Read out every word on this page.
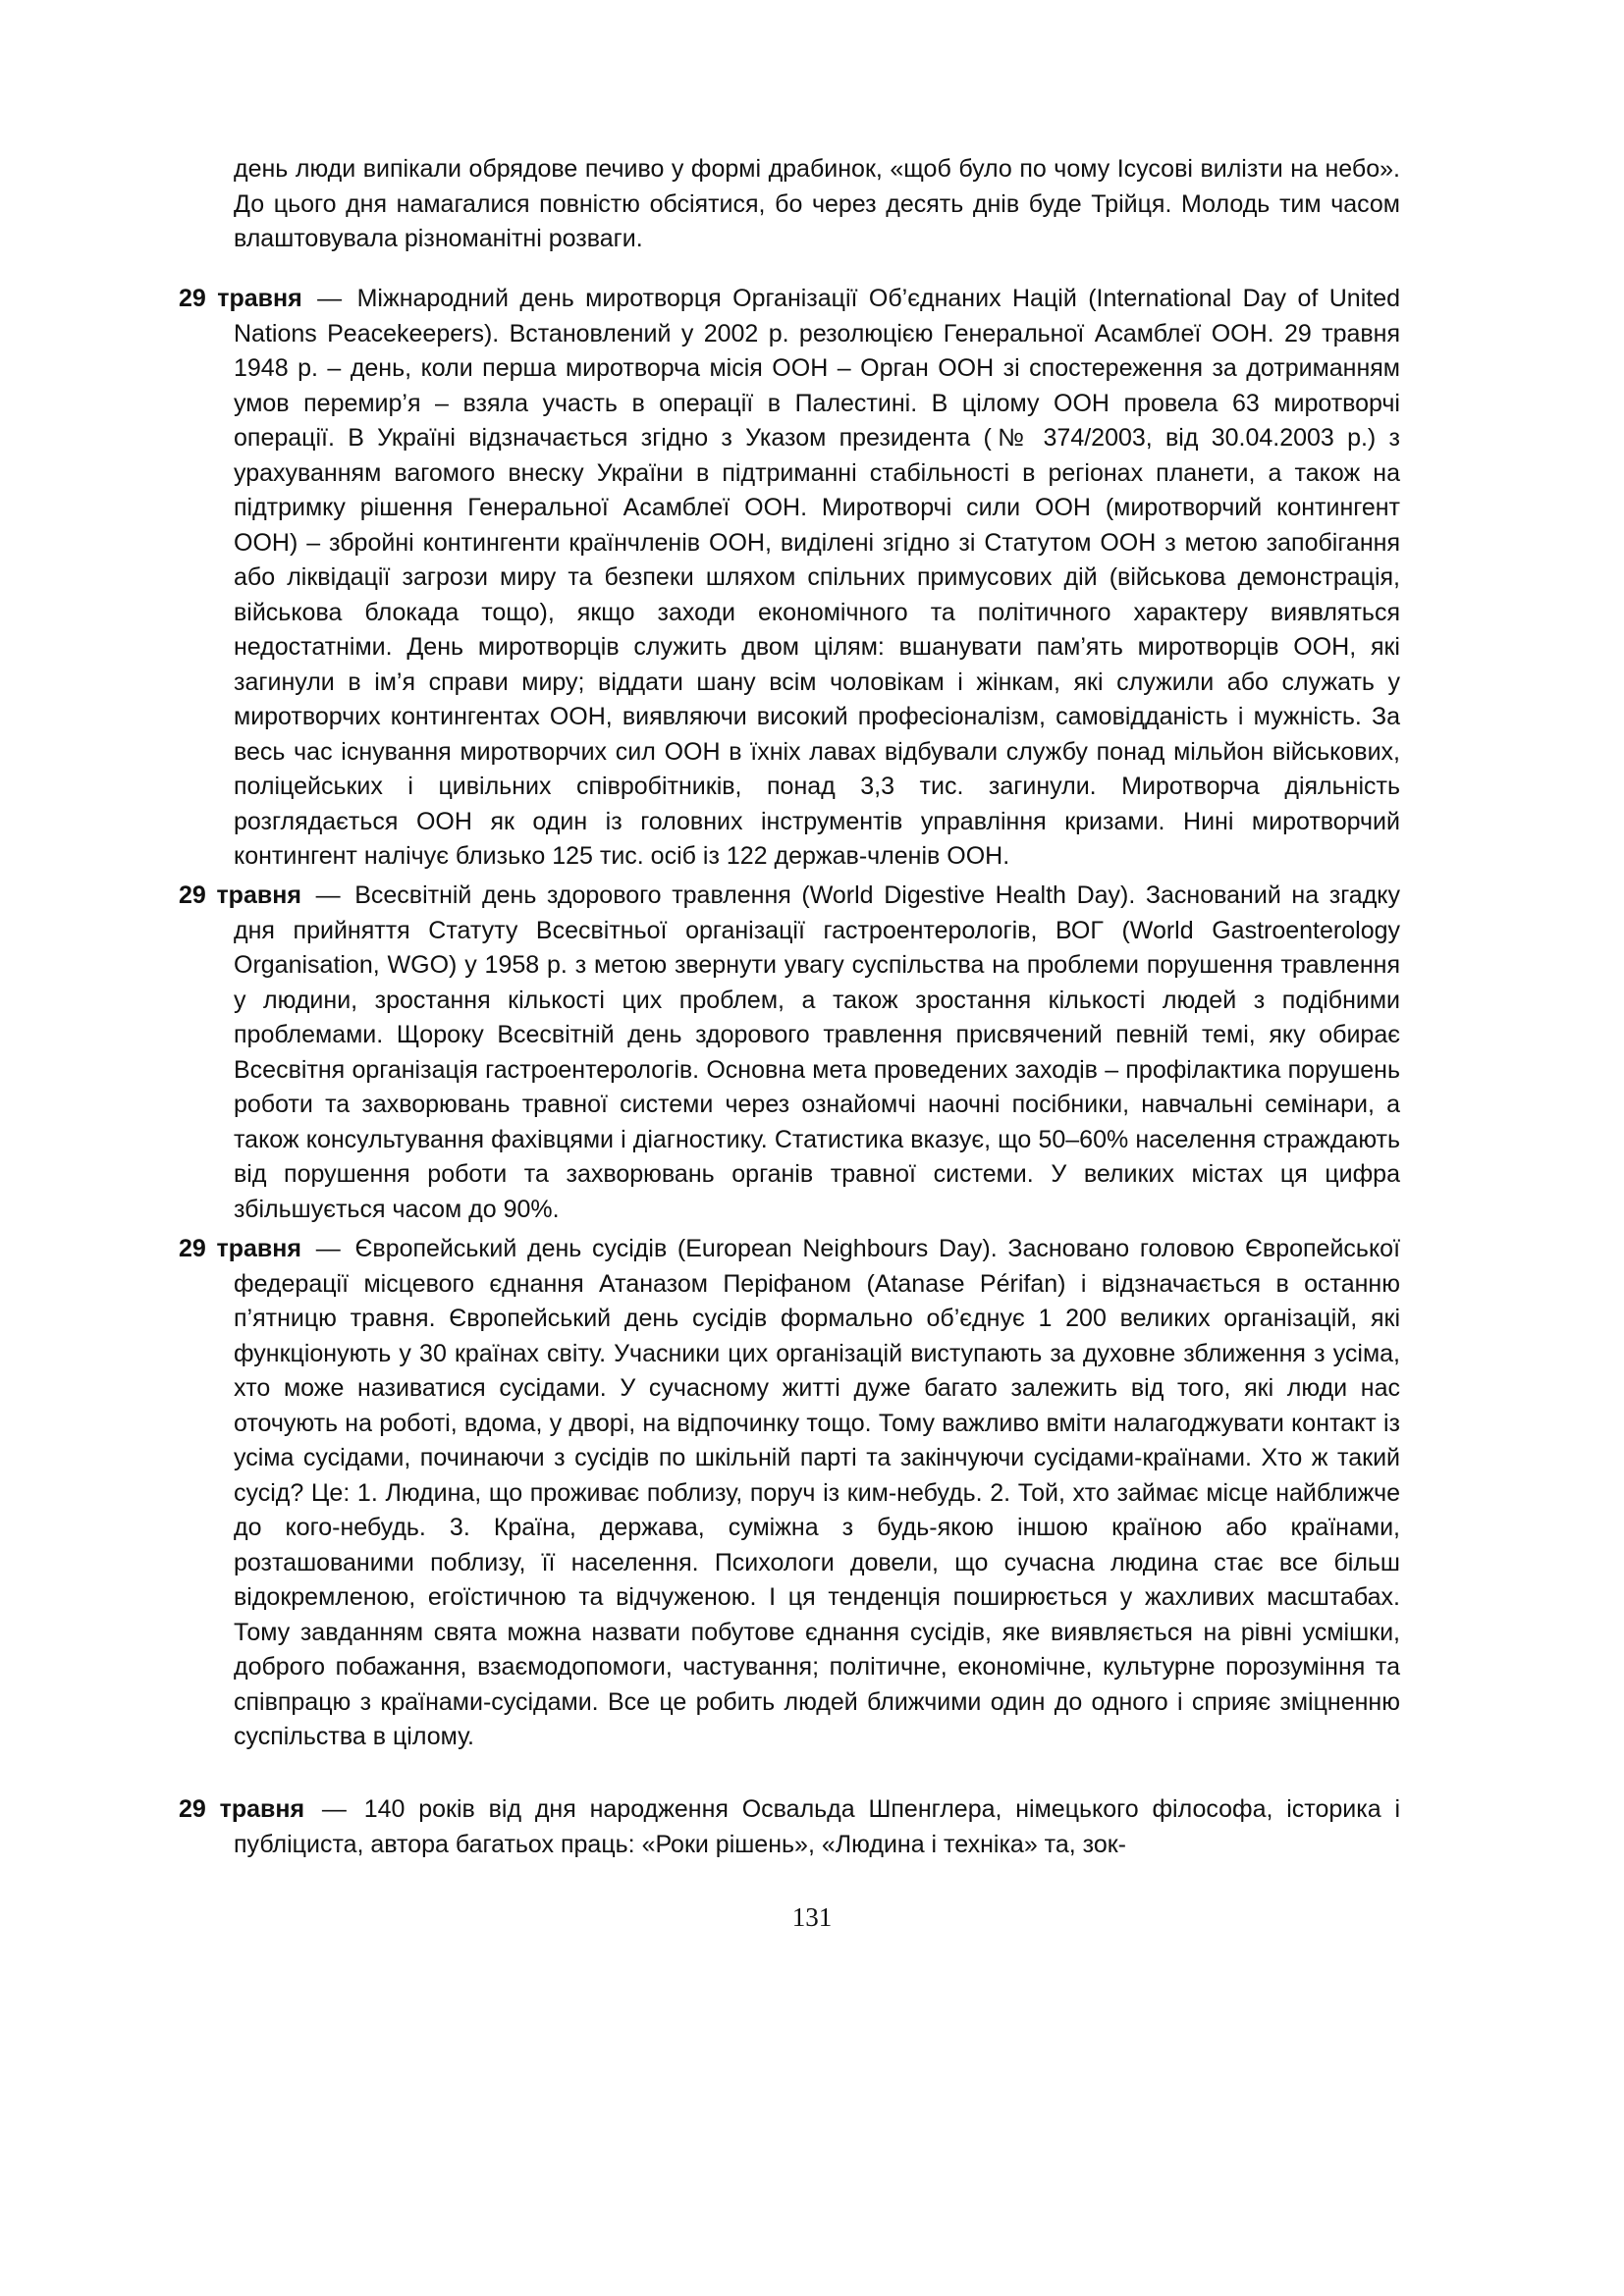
день люди випікали обрядове печиво у формі драбинок, «щоб було по чому Ісусові вилізти на небо». До цього дня намагалися повністю обсіятися, бо через десять днів буде Трійця. Молодь тим часом влаштовувала різноманітні розваги.

29 травня — Міжнародний день миротворця Організації Об’єднаних Націй (International Day of United Nations Peacekeepers). Встановлений у 2002 р. резолюцією Генеральної Асамблеї ООН. 29 травня 1948 р. – день, коли перша миротворча місія ООН – Орган ООН зі спостереження за дотриманням умов перемир’я – взяла участь в операції в Палестині. В цілому ООН провела 63 миротворчі операції. В Україні відзначається згідно з Указом президента (№ 374/2003, від 30.04.2003 р.) з урахуванням вагомого внеску України в підтриманні стабільності в регіонах планети, а також на підтримку рішення Генеральної Асамблеї ООН. Миротворчі сили ООН (миротворчий контингент ООН) – збройні контингенти країнчленів ООН, виділені згідно зі Статутом ООН з метою запобігання або ліквідації загрози миру та безпеки шляхом спільних примусових дій (військова демонстрація, військова блокада тощо), якщо заходи економічного та політичного характеру виявляться недостатніми. День миротворців служить двом цілям: вшанувати пам’ять миротворців ООН, які загинули в ім’я справи миру; віддати шану всім чоловікам і жінкам, які служили або служать у миротворчих контингентах ООН, виявляючи високий професіоналізм, самовідданість і мужність. За весь час існування миротворчих сил ООН в їхніх лавах відбували службу понад мільйон військових, поліцейських і цивільних співробітників, понад 3,3 тис. загинули. Миротворча діяльність розглядається ООН як один із головних інструментів управління кризами. Нині миротворчий контингент налічує близько 125 тис. осіб із 122 держав-членів ООН.

29 травня — Всесвітній день здорового травлення (World Digestive Health Day). Заснований на згадку дня прийняття Статуту Всесвітньої організації гастроентерологів, ВОГ (World Gastroenterology Organisation, WGO) у 1958 р. з метою звернути увагу суспільства на проблеми порушення травлення у людини, зростання кількості цих проблем, а також зростання кількості людей з подібними проблемами. Щороку Всесвітній день здорового травлення присвячений певній темі, яку обирає Всесвітня організація гастроентерологів. Основна мета проведених заходів – профілактика порушень роботи та захворювань травної системи через ознайомчі наочні посібники, навчальні семінари, а також консультування фахівцями і діагностику. Статистика вказує, що 50–60% населення страждають від порушення роботи та захворювань органів травної системи. У великих містах ця цифра збільшується часом до 90%.

29 травня — Європейський день сусідів (European Neighbours Day). Засновано головою Європейської федерації місцевого єднання Атаназом Періфаном (Atanase Périfan) і відзначається в останню п’ятницю травня. Європейський день сусідів формально об’єднує 1 200 великих організацій, які функціонують у 30 країнах світу. Учасники цих організацій виступають за духовне зближення з усіма, хто може називатися сусідами. У сучасному житті дуже багато залежить від того, які люди нас оточують на роботі, вдома, у дворі, на відпочинку тощо. Тому важливо вміти налагоджувати контакт із усіма сусідами, починаючи з сусідів по шкільній парті та закінчуючи сусідами-країнами. Хто ж такий сусід? Це: 1. Людина, що проживає поблизу, поруч із ким-небудь. 2. Той, хто займає місце найближче до кого-небудь. 3. Країна, держава, суміжна з будь-якою іншою країною або країнами, розташованими поблизу, її населення. Психологи довели, що сучасна людина стає все більш відокремленою, егоїстичною та відчуженою. І ця тенденція поширюється у жахливих масштабах. Тому завданням свята можна назвати побутове єднання сусідів, яке виявляється на рівні усмішки, доброго побажання, взаємодопомоги, частування; політичне, економічне, культурне порозуміння та співпрацю з країнами-сусідами. Все це робить людей ближчими один до одного і сприяє зміцненню суспільства в цілому.

29 травня — 140 років від дня народження Освальда Шпенглера, німецького філософа, історика і публіциста, автора багатьох праць: «Роки рішень», «Людина і техніка» та, зок-

131
